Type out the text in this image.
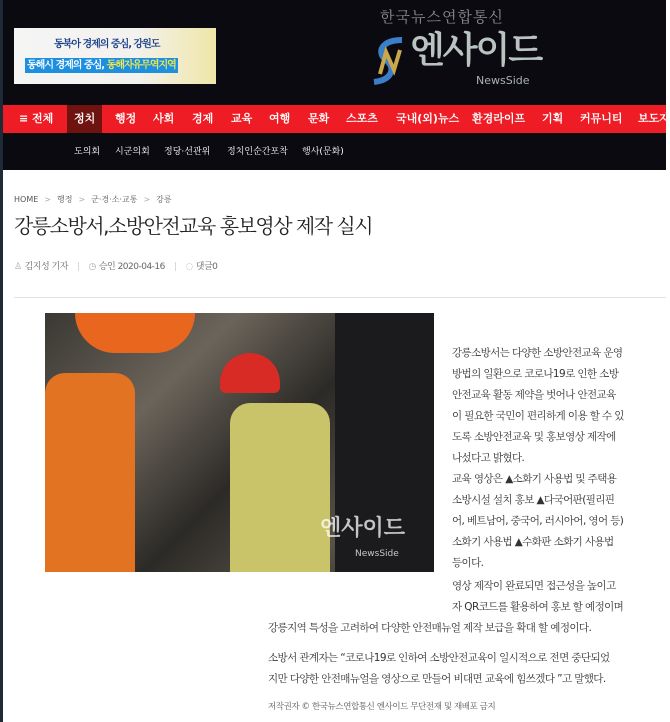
동북아 경제의 중심, 강원도
동해시 경제의 중심, 동해자유무역지역
한국뉴스연합통신
엔사이드
NewsSide
≡ 전체	정치	행정 사회 경제 교육 여행 문화 스포츠 국내(외)뉴스 환경라이프 기획 커뮤니티 보도자
도의회 시군의회 정당·선관위 정치인순간포착 행사(문화)
HOME > 행정 > 군·경·소·교통 > 강릉
강릉소방서,소방안전교육 홍보영상 제작 실시
♙ 김지성 기자 | ◷ 승인 2020-04-16 | ◌ 댓글0
엔사이드
NewsSide
강릉소방서는 다양한 소방안전교육 운영
방법의 일환으로 코로나19로 인한 소방
안전교육 활동 제약을 벗어나 안전교육
이 필요한 국민이 편리하게 이용 할 수 있
도록 소방안전교육 및 홍보영상 제작에
나섰다고 밝혔다.
교육 영상은 ▲소화기 사용법 및 주택용
소방시설 설치 홍보 ▲다국어판(필리핀
어, 베트남어, 중국어, 러시아어, 영어 등)
소화기 사용법 ▲수화판 소화기 사용법
등이다.
영상 제작이 완료되면 접근성을 높이고
자 QR코드를 활용하여 홍보 할 예정이며
강릉지역 특성을 고려하여 다양한 안전매뉴얼 제작 보급을 확대 할 예정이다.
소방서 관계자는 “코로나19로 인하여 소방안전교육이 일시적으로 전면 중단되었
지만 다양한 안전매뉴얼을 영상으로 만들어 비대면 교육에 힘쓰겠다 ”고 말했다.
저작권자 © 한국뉴스연합통신 엔사이드 무단전재 및 재배포 금지
